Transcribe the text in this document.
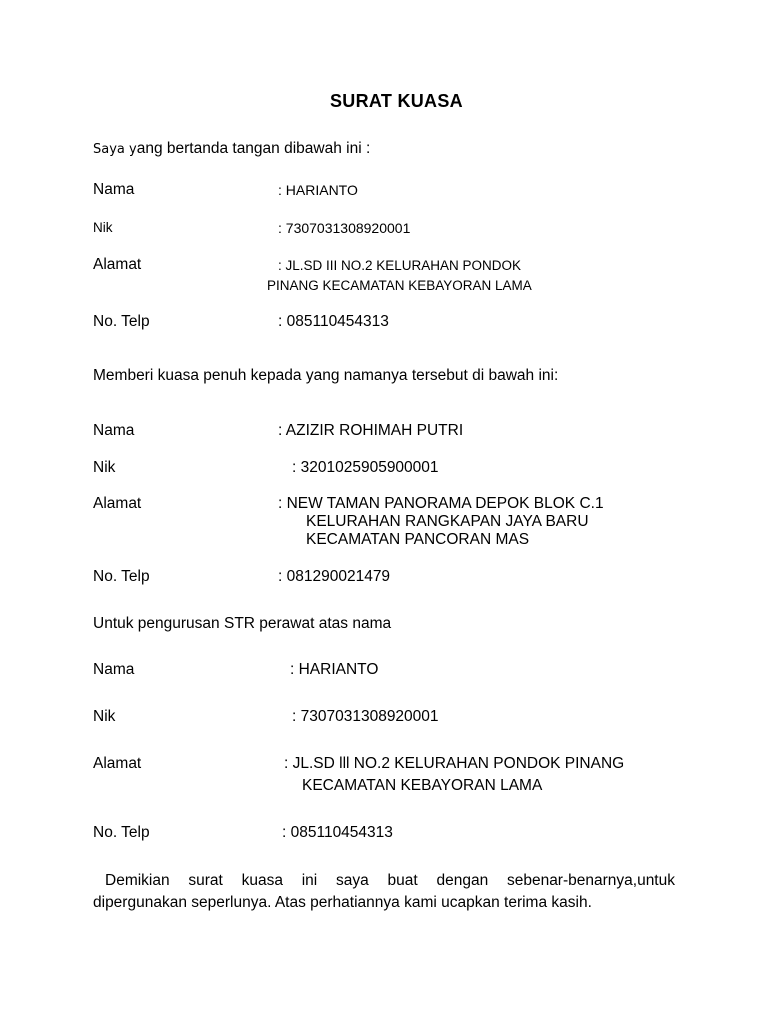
SURAT KUASA
Saya yang bertanda tangan dibawah ini :
Nama	: HARIANTO
Nik	: 7307031308920001
Alamat	: JL.SD III NO.2 KELURAHAN PONDOK
PINANG KECAMATAN KEBAYORAN LAMA
No. Telp	: 085110454313
Memberi kuasa penuh kepada yang namanya tersebut di bawah ini:
Nama	: AZIZIR ROHIMAH PUTRI
Nik	: 3201025905900001
Alamat	: NEW TAMAN PANORAMA DEPOK BLOK C.1
KELURAHAN RANGKAPAN JAYA BARU
KECAMATAN PANCORAN MAS
No. Telp	: 081290021479
Untuk pengurusan STR perawat atas nama
Nama	: HARIANTO
Nik	: 7307031308920001
Alamat	: JL.SD lll NO.2 KELURAHAN PONDOK PINANG
KECAMATAN KEBAYORAN LAMA
No. Telp	: 085110454313
Demikian surat kuasa ini saya buat dengan sebenar-benarnya,untuk
dipergunakan seperlunya. Atas perhatiannya kami ucapkan terima kasih.
